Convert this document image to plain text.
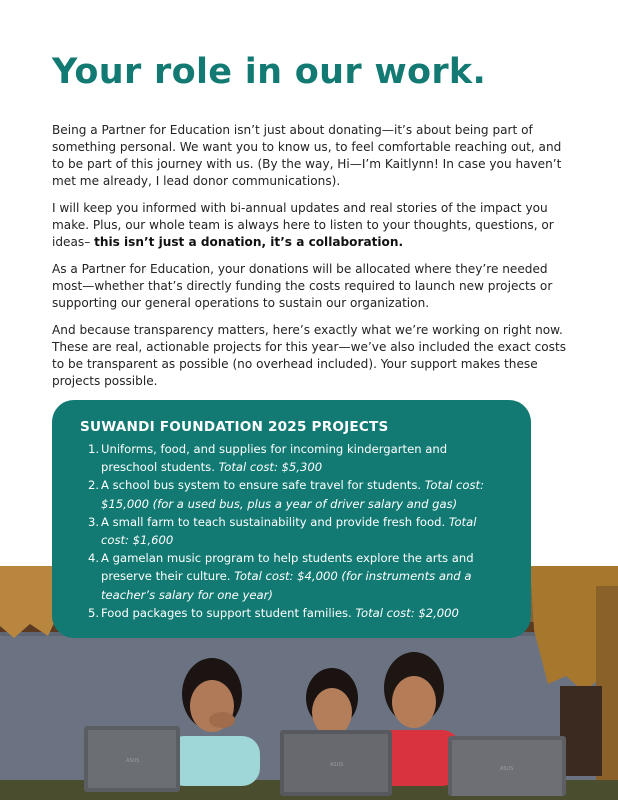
Your role in our work.

Being a Partner for Education isn’t just about donating—it’s about being part of something personal. We want you to know us, to feel comfortable reaching out, and to be part of this journey with us. (By the way, Hi—I’m Kaitlynn! In case you haven’t met me already, I lead donor communications).

I will keep you informed with bi-annual updates and real stories of the impact you make. Plus, our whole team is always here to listen to your thoughts, questions, or ideas– this isn’t just a donation, it’s a collaboration.

As a Partner for Education, your donations will be allocated where they’re needed most—whether that’s directly funding the costs required to launch new projects or supporting our general operations to sustain our organization.

And because transparency matters, here’s exactly what we’re working on right now. These are real, actionable projects for this year—we’ve also included the exact costs to be transparent as possible (no overhead included). Your support makes these projects possible.

ASUS
ASUS
ASUS
SUWANDI FOUNDATION 2025 PROJECTS
1. Uniforms, food, and supplies for incoming kindergarten and preschool students. Total cost: $5,300
2. A school bus system to ensure safe travel for students. Total cost: $15,000 (for a used bus, plus a year of driver salary and gas)
3. A small farm to teach sustainability and provide fresh food. Total cost: $1,600
4. A gamelan music program to help students explore the arts and preserve their culture. Total cost: $4,000 (for instruments and a teacher’s salary for one year)
5. Food packages to support student families. Total cost: $2,000
